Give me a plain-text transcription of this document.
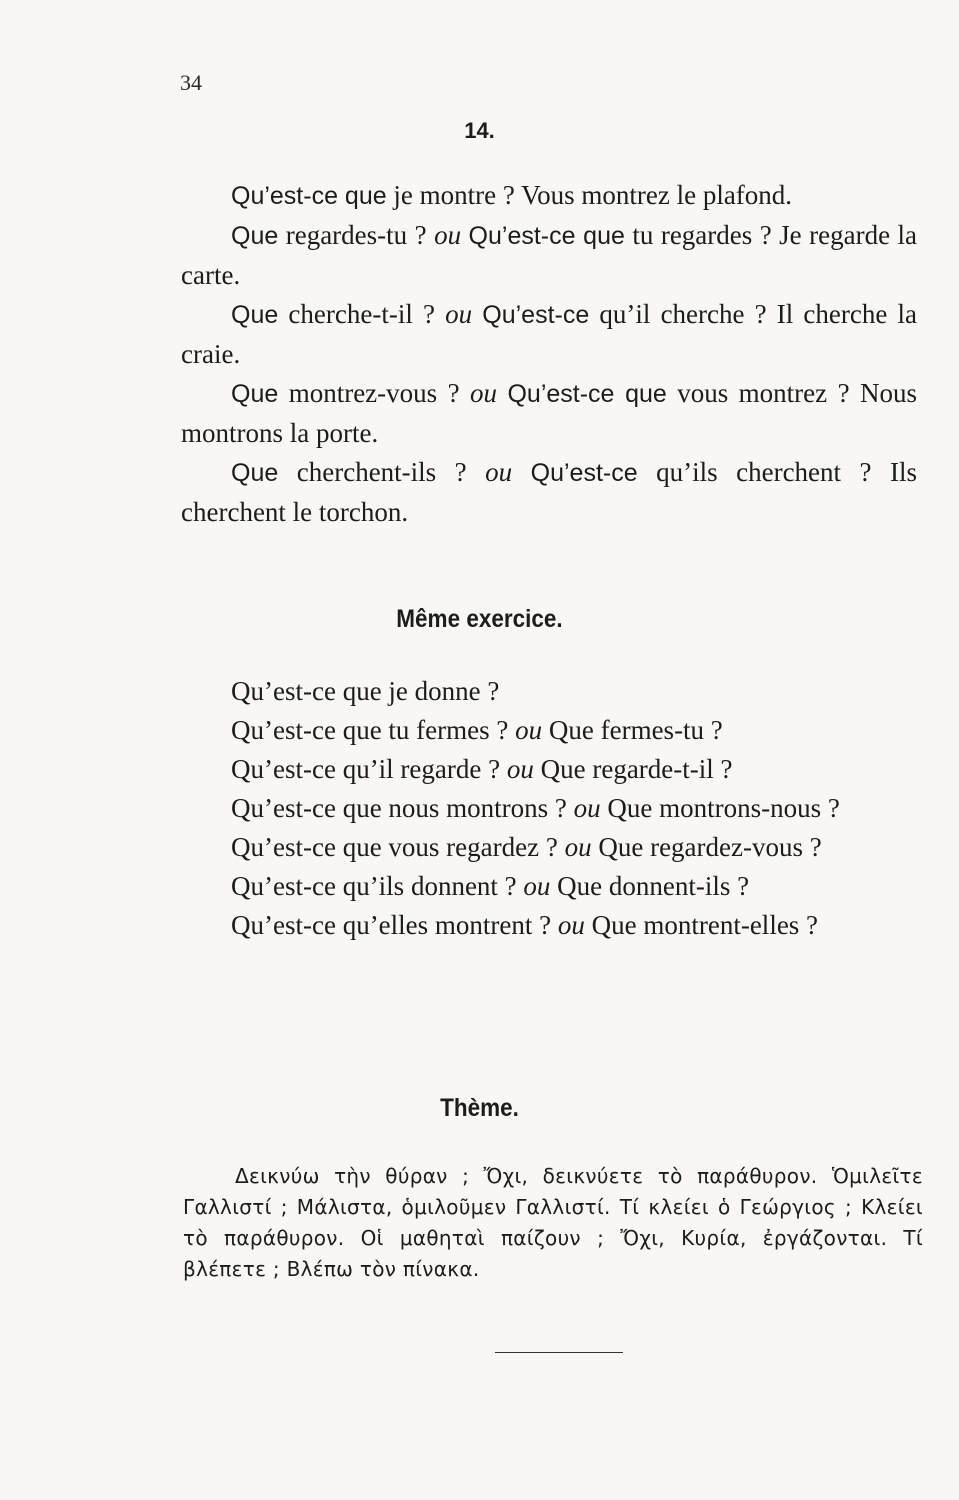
34
14.

Qu’est-ce que je montre ? Vous montrez le plafond.

Que regardes-tu ? ou Qu’est-ce que tu regardes ? Je regarde la carte.

Que cherche-t-il ? ou Qu’est-ce qu’il cherche ? Il cherche la craie.

Que montrez-vous ? ou Qu’est-ce que vous montrez ? Nous montrons la porte.

Que cherchent-ils ? ou Qu’est-ce qu’ils cherchent ? Ils cherchent le torchon.

Même exercice.

Qu’est-ce que je donne ?

Qu’est-ce que tu fermes ? ou Que fermes-tu ?

Qu’est-ce qu’il regarde ? ou Que regarde-t-il ?

Qu’est-ce que nous montrons ? ou Que montrons-nous ?

Qu’est-ce que vous regardez ? ou Que regardez-vous ?

Qu’est-ce qu’ils donnent ? ou Que donnent-ils ?

Qu’est-ce qu’elles montrent ? ou Que montrent-elles ?

Thème.

Δεικνύω τὴν θύραν ; Ὄχι, δεικνύετε τὸ παράθυρον. Ὁμιλεῖτε Γαλλιστί ; Μάλιστα, ὁμιλοῦμεν Γαλλιστί. Τί κλείει ὁ Γεώργιος ; Κλείει τὸ παράθυρον. Οἱ μαθηταὶ παίζουν ; Ὄχι, Κυρία, ἐργάζονται. Τί βλέπετε ; Βλέπω τὸν πίνακα.
